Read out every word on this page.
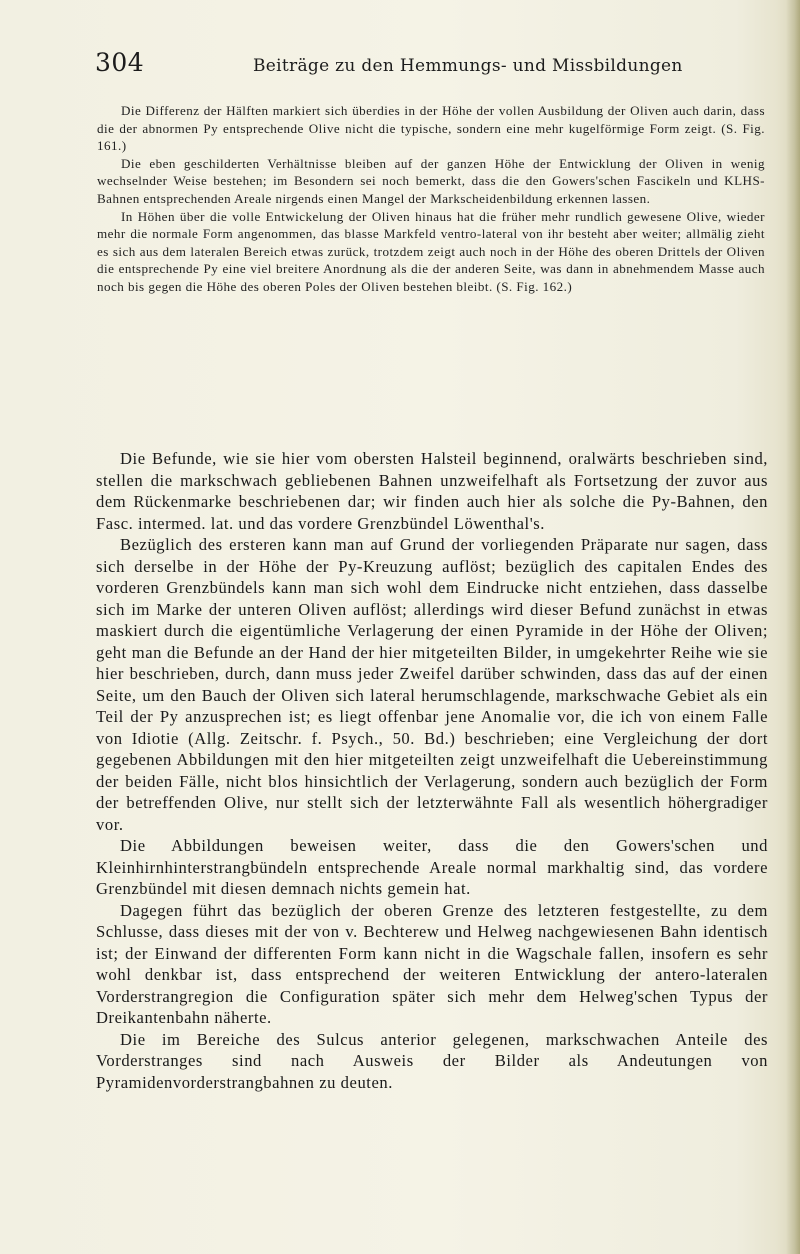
304	Beiträge zu den Hemmungs- und Missbildungen

Die Differenz der Hälften markiert sich überdies in der Höhe der vollen Ausbildung der Oliven auch darin, dass die der abnormen Py entsprechende Olive nicht die typische, sondern eine mehr kugelförmige Form zeigt. (S. Fig. 161.)

Die eben geschilderten Verhältnisse bleiben auf der ganzen Höhe der Entwicklung der Oliven in wenig wechselnder Weise bestehen; im Besondern sei noch bemerkt, dass die den Gowers'schen Fascikeln und KLHS-Bahnen entsprechenden Areale nirgends einen Mangel der Markscheidenbildung erkennen lassen.

In Höhen über die volle Entwickelung der Oliven hinaus hat die früher mehr rundlich gewesene Olive, wieder mehr die normale Form angenommen, das blasse Markfeld ventro-lateral von ihr besteht aber weiter; allmälig zieht es sich aus dem lateralen Bereich etwas zurück, trotzdem zeigt auch noch in der Höhe des oberen Drittels der Oliven die entsprechende Py eine viel breitere Anordnung als die der anderen Seite, was dann in abnehmendem Masse auch noch bis gegen die Höhe des oberen Poles der Oliven bestehen bleibt. (S. Fig. 162.)

Die Befunde, wie sie hier vom obersten Halsteil beginnend, oralwärts beschrieben sind, stellen die markschwach gebliebenen Bahnen unzweifelhaft als Fortsetzung der zuvor aus dem Rückenmarke beschriebenen dar; wir finden auch hier als solche die Py-Bahnen, den Fasc. intermed. lat. und das vordere Grenzbündel Löwenthal's.

Bezüglich des ersteren kann man auf Grund der vorliegenden Präparate nur sagen, dass sich derselbe in der Höhe der Py-Kreuzung auflöst; bezüglich des capitalen Endes des vorderen Grenzbündels kann man sich wohl dem Eindrucke nicht entziehen, dass dasselbe sich im Marke der unteren Oliven auflöst; allerdings wird dieser Befund zunächst in etwas maskiert durch die eigentümliche Verlagerung der einen Pyramide in der Höhe der Oliven; geht man die Befunde an der Hand der hier mitgeteilten Bilder, in umgekehrter Reihe wie sie hier beschrieben, durch, dann muss jeder Zweifel darüber schwinden, dass das auf der einen Seite, um den Bauch der Oliven sich lateral herumschlagende, markschwache Gebiet als ein Teil der Py anzusprechen ist; es liegt offenbar jene Anomalie vor, die ich von einem Falle von Idiotie (Allg. Zeitschr. f. Psych., 50. Bd.) beschrieben; eine Vergleichung der dort gegebenen Abbildungen mit den hier mitgeteilten zeigt unzweifelhaft die Uebereinstimmung der beiden Fälle, nicht blos hinsichtlich der Verlagerung, sondern auch bezüglich der Form der betreffenden Olive, nur stellt sich der letzterwähnte Fall als wesentlich höhergradiger vor.

Die Abbildungen beweisen weiter, dass die den Gowers'schen und Kleinhirnhinterstrangbündeln entsprechende Areale normal markhaltig sind, das vordere Grenzbündel mit diesen demnach nichts gemein hat.

Dagegen führt das bezüglich der oberen Grenze des letzteren festgestellte, zu dem Schlusse, dass dieses mit der von v. Bechterew und Helweg nachgewiesenen Bahn identisch ist; der Einwand der differenten Form kann nicht in die Wagschale fallen, insofern es sehr wohl denkbar ist, dass entsprechend der weiteren Entwicklung der antero-lateralen Vorderstrangregion die Configuration später sich mehr dem Helweg'schen Typus der Dreikantenbahn näherte.

Die im Bereiche des Sulcus anterior gelegenen, markschwachen Anteile des Vorderstranges sind nach Ausweis der Bilder als Andeutungen von Pyramidenvorderstrangbahnen zu deuten.
